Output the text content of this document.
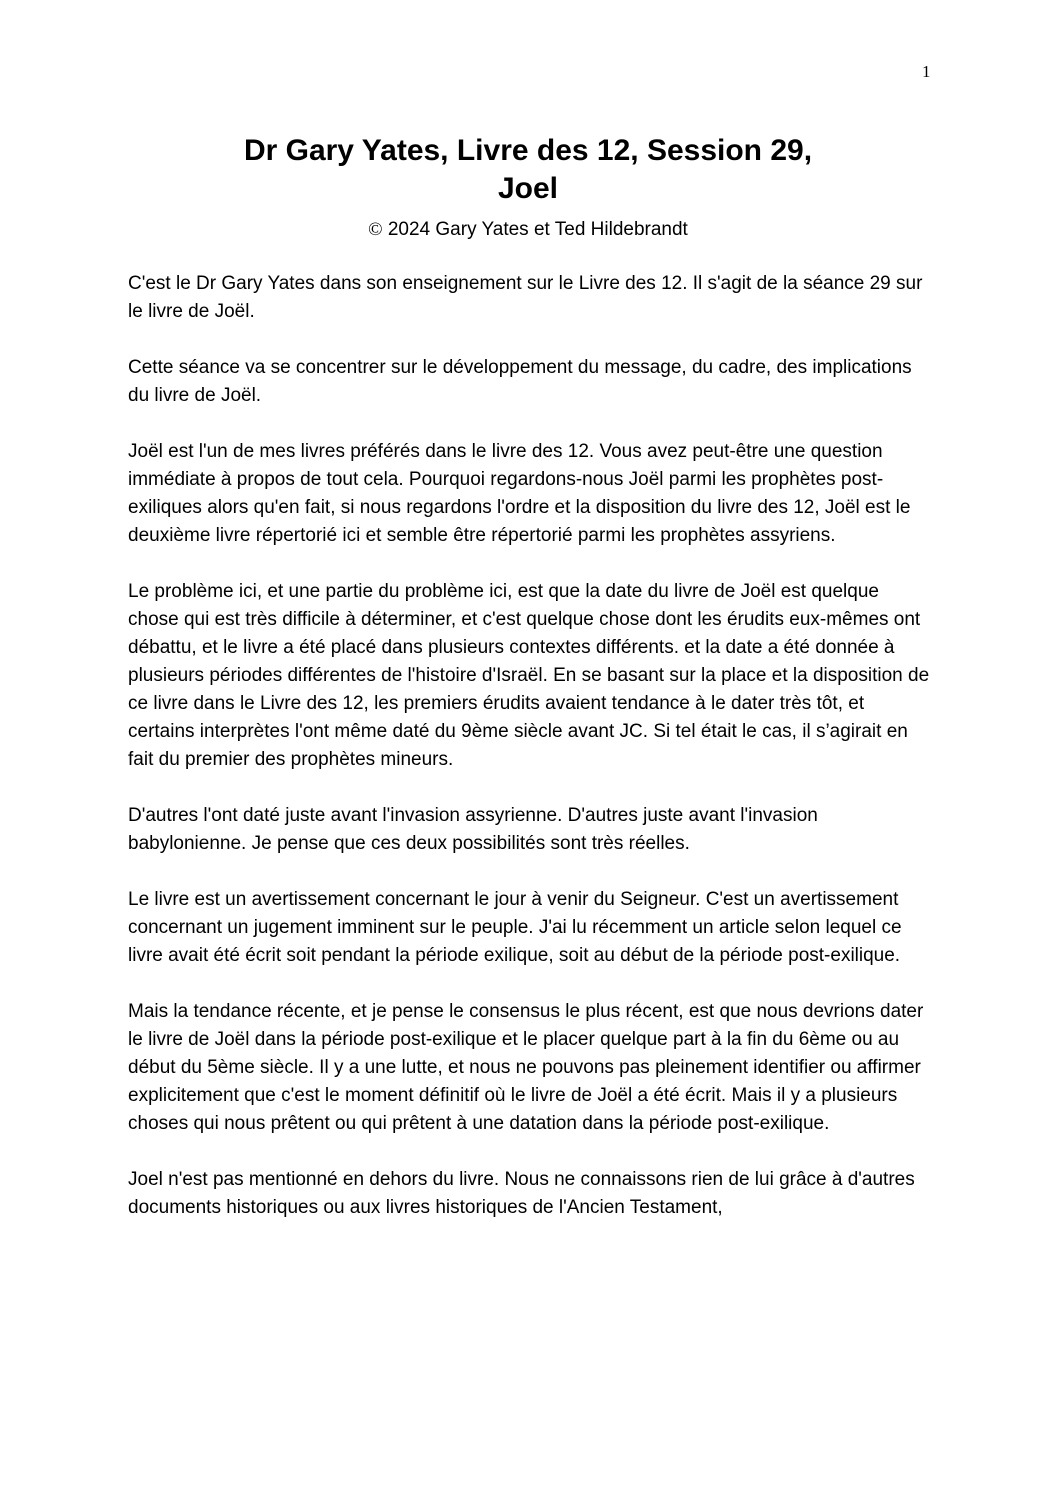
1
Dr Gary Yates, Livre des 12, Session 29,
Joel
© 2024 Gary Yates et Ted Hildebrandt

C'est le Dr Gary Yates dans son enseignement sur le Livre des 12. Il s'agit de la séance 29 sur le livre de Joël.

Cette séance va se concentrer sur le développement du message, du cadre, des implications du livre de Joël.

Joël est l'un de mes livres préférés dans le livre des 12. Vous avez peut-être une question immédiate à propos de tout cela. Pourquoi regardons-nous Joël parmi les prophètes post-exiliques alors qu'en fait, si nous regardons l'ordre et la disposition du livre des 12, Joël est le deuxième livre répertorié ici et semble être répertorié parmi les prophètes assyriens.

Le problème ici, et une partie du problème ici, est que la date du livre de Joël est quelque chose qui est très difficile à déterminer, et c'est quelque chose dont les érudits eux-mêmes ont débattu, et le livre a été placé dans plusieurs contextes différents. et la date a été donnée à plusieurs périodes différentes de l'histoire d'Israël. En se basant sur la place et la disposition de ce livre dans le Livre des 12, les premiers érudits avaient tendance à le dater très tôt, et certains interprètes l'ont même daté du 9ème siècle avant JC. Si tel était le cas, il s’agirait en fait du premier des prophètes mineurs.

D'autres l'ont daté juste avant l'invasion assyrienne. D'autres juste avant l'invasion babylonienne. Je pense que ces deux possibilités sont très réelles.

Le livre est un avertissement concernant le jour à venir du Seigneur. C'est un avertissement concernant un jugement imminent sur le peuple. J'ai lu récemment un article selon lequel ce livre avait été écrit soit pendant la période exilique, soit au début de la période post-exilique.

Mais la tendance récente, et je pense le consensus le plus récent, est que nous devrions dater le livre de Joël dans la période post-exilique et le placer quelque part à la fin du 6ème ou au début du 5ème siècle. Il y a une lutte, et nous ne pouvons pas pleinement identifier ou affirmer explicitement que c'est le moment définitif où le livre de Joël a été écrit. Mais il y a plusieurs choses qui nous prêtent ou qui prêtent à une datation dans la période post-exilique.

Joel n'est pas mentionné en dehors du livre. Nous ne connaissons rien de lui grâce à d'autres documents historiques ou aux livres historiques de l'Ancien Testament,
